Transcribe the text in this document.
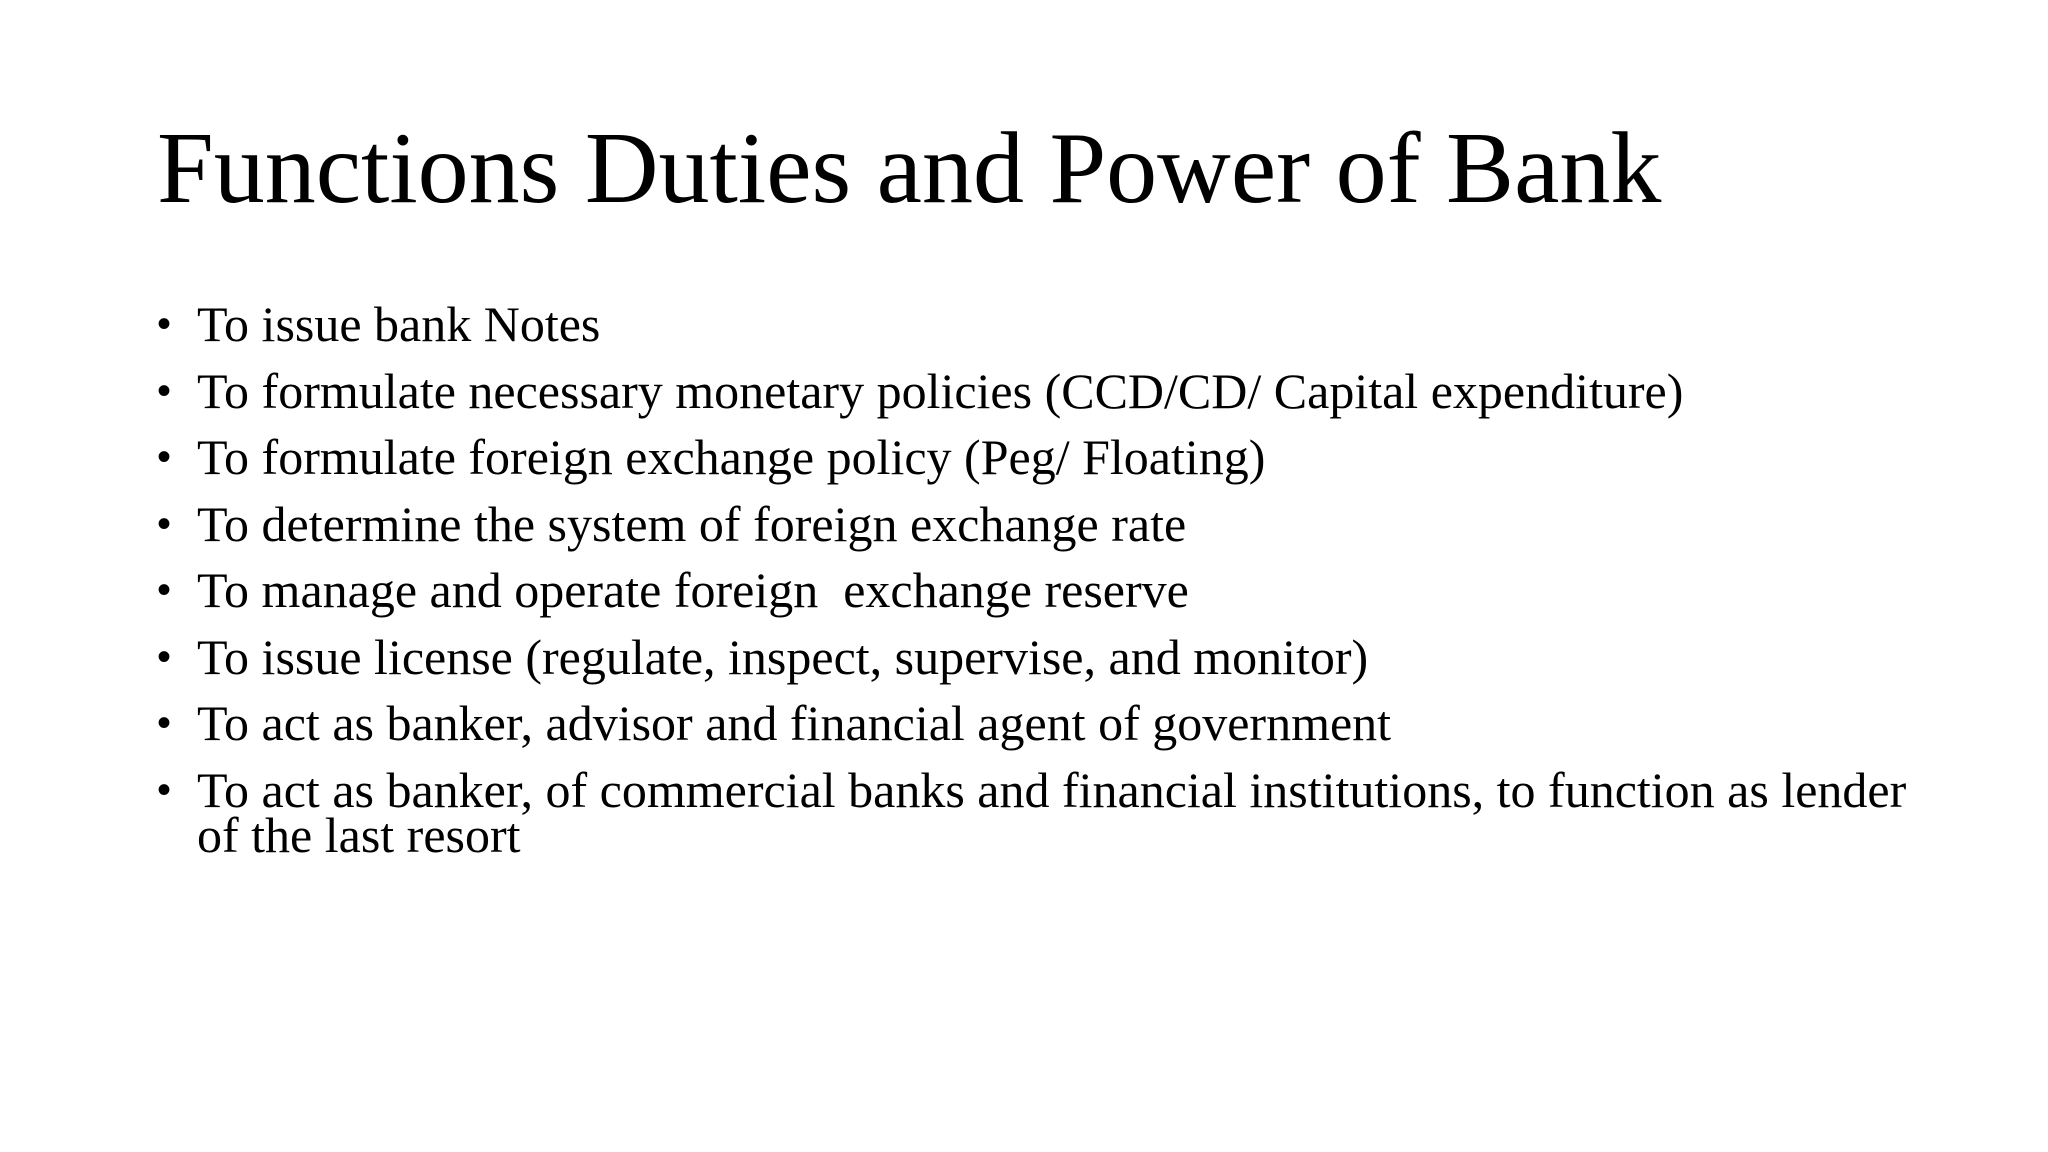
Functions Duties and Power of Bank
• To issue bank Notes
• To formulate necessary monetary policies (CCD/CD/ Capital expenditure)
• To formulate foreign exchange policy (Peg/ Floating)
• To determine the system of foreign exchange rate
• To manage and operate foreign  exchange reserve
• To issue license (regulate, inspect, supervise, and monitor)
• To act as banker, advisor and financial agent of government
• To act as banker, of commercial banks and financial institutions, to function as lender of the last resort
